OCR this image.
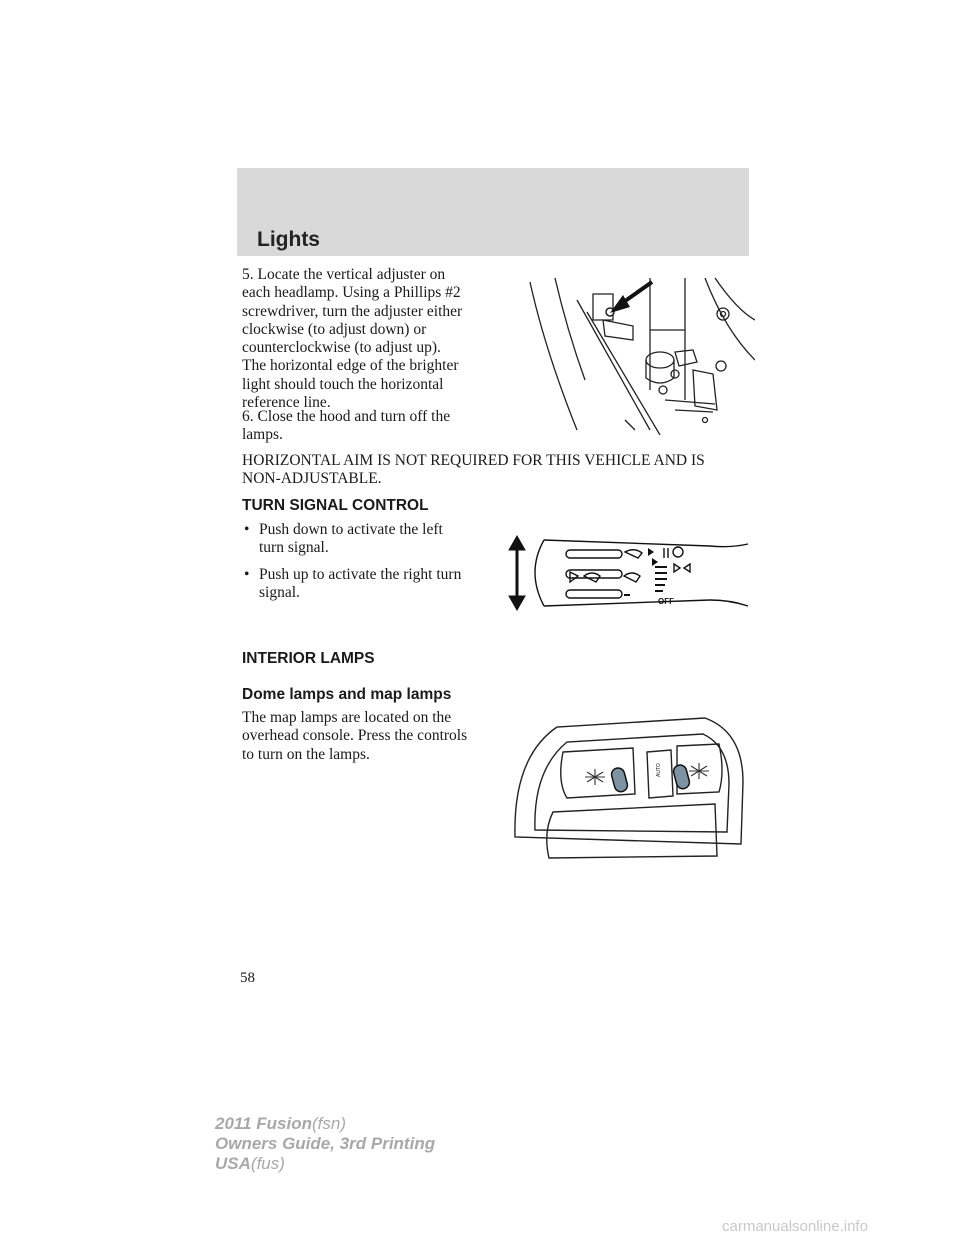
Lights
5. Locate the vertical adjuster on
each headlamp. Using a Phillips #2
screwdriver, turn the adjuster either
clockwise (to adjust down) or
counterclockwise (to adjust up).
The horizontal edge of the brighter
light should touch the horizontal
reference line.
6. Close the hood and turn off the
lamps.
HORIZONTAL AIM IS NOT REQUIRED FOR THIS VEHICLE AND IS
NON-ADJUSTABLE.
TURN SIGNAL CONTROL
• Push down to activate the left
turn signal.
• Push up to activate the right turn
signal.
INTERIOR LAMPS
Dome lamps and map lamps
The map lamps are located on the
overhead console. Press the controls
to turn on the lamps.
OFF
AUTO
58
2011 Fusion(fsn)
Owners Guide, 3rd Printing
USA(fus)
carmanualsonline.info
